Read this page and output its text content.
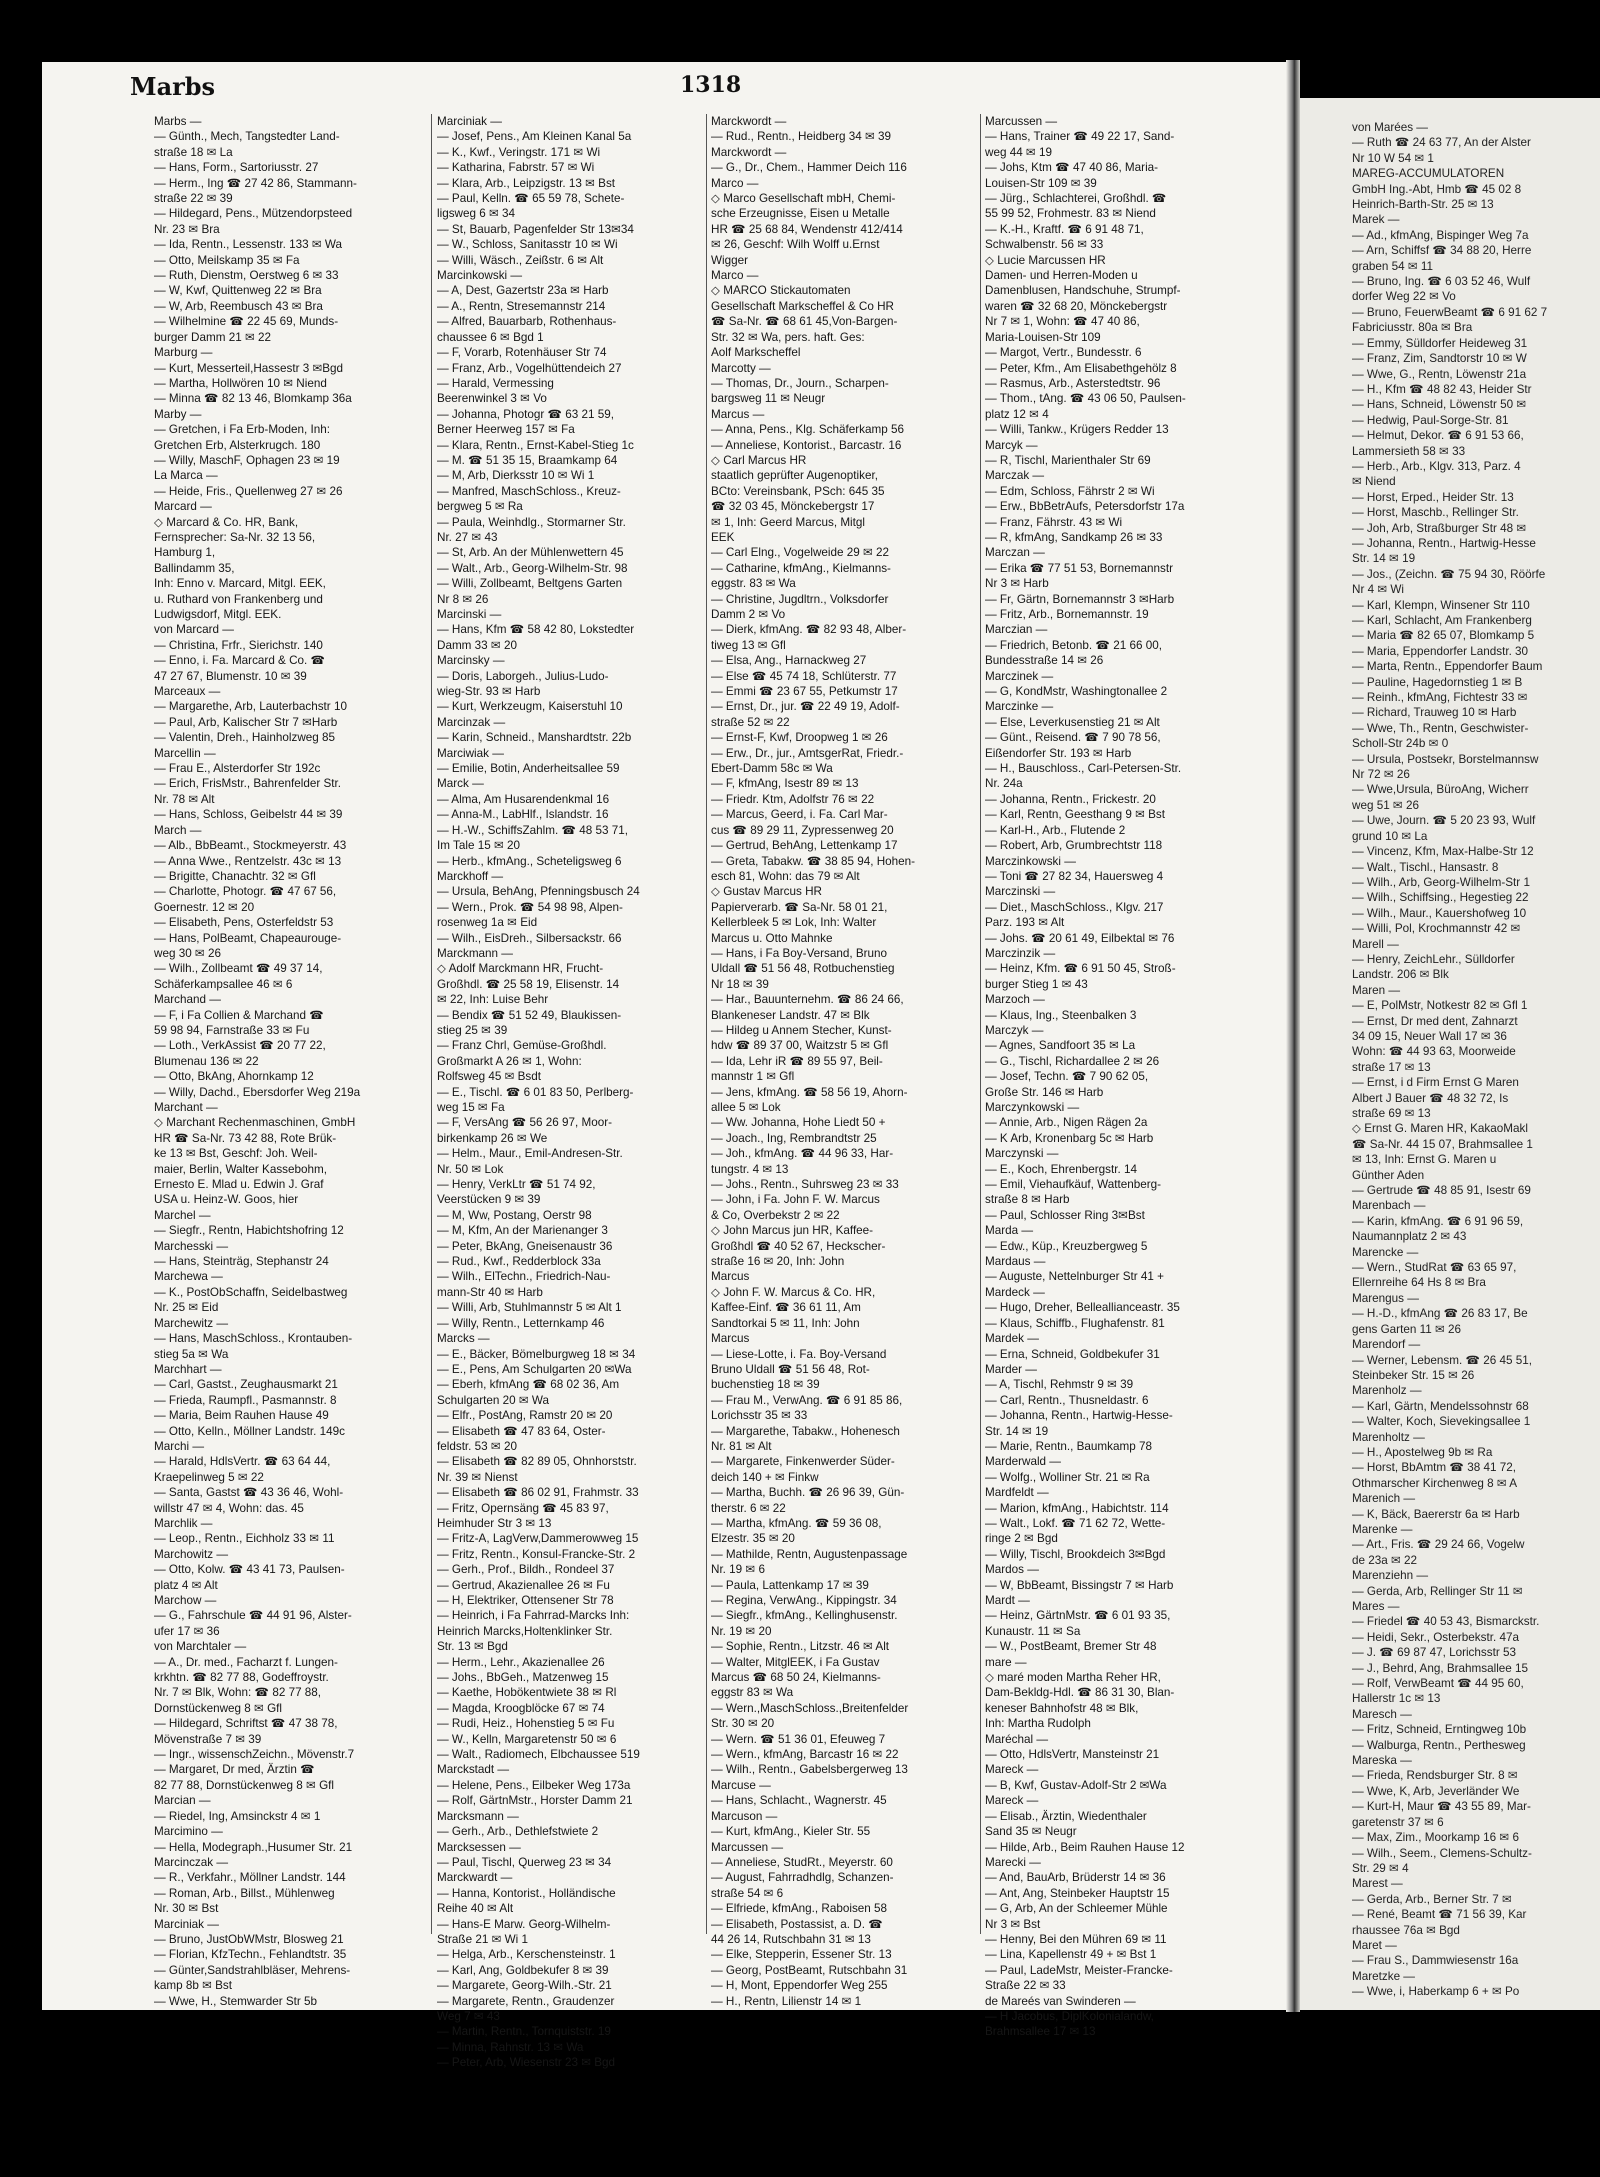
von Marées —
— Ruth ☎ 24 63 77, An der Alster
Nr 10 W 54 ✉ 1
MAREG-ACCUMULATOREN
GmbH Ing.-Abt, Hmb ☎ 45 02 8
Heinrich-Barth-Str. 25 ✉ 13
Marek —
— Ad., kfmAng, Bispinger Weg 7a
— Arn, Schiffsf ☎ 34 88 20, Herre
graben 54 ✉ 11
— Bruno, Ing. ☎ 6 03 52 46, Wulf
dorfer Weg 22 ✉ Vo
— Bruno, FeuerwBeamt ☎ 6 91 62 7
Fabriciusstr. 80a ✉ Bra
— Emmy, Sülldorfer Heideweg 31
— Franz, Zim, Sandtorstr 10 ✉ W
— Wwe, G., Rentn, Löwenstr 21a
— H., Kfm ☎ 48 82 43, Heider Str
— Hans, Schneid, Löwenstr 50 ✉
— Hedwig, Paul-Sorge-Str. 81
— Helmut, Dekor. ☎ 6 91 53 66,
Lammersieth 58 ✉ 33
— Herb., Arb., Klgv. 313, Parz. 4
✉ Niend
— Horst, Erped., Heider Str. 13
— Horst, Maschb., Rellinger Str.
— Joh, Arb, Straßburger Str 48 ✉
— Johanna, Rentn., Hartwig-Hesse
Str. 14 ✉ 19
— Jos., (Zeichn. ☎ 75 94 30, Röörfe
Nr 4 ✉ Wi
— Karl, Klempn, Winsener Str 110
— Karl, Schlacht, Am Frankenberg
— Maria ☎ 82 65 07, Blomkamp 5
— Maria, Eppendorfer Landstr. 30
— Marta, Rentn., Eppendorfer Baum
— Pauline, Hagedornstieg 1 ✉ B
— Reinh., kfmAng, Fichtestr 33 ✉
— Richard, Trauweg 10 ✉ Harb
— Wwe, Th., Rentn, Geschwister-
Scholl-Str 24b ✉ 0
— Ursula, Postsekr, Borstelmannsw
Nr 72 ✉ 26
— Wwe,Ursula, BüroAng, Wicherr
weg 51 ✉ 26
— Uwe, Journ. ☎ 5 20 23 93, Wulf
grund 10 ✉ La
— Vincenz, Kfm, Max-Halbe-Str 12
— Walt., Tischl., Hansastr. 8
— Wilh., Arb, Georg-Wilhelm-Str 1
— Wilh., Schiffsing., Hegestieg 22
— Wilh., Maur., Kauershofweg 10
— Willi, Pol, Krochmannstr 42 ✉
Marell —
— Henry, ZeichLehr., Sülldorfer
Landstr. 206 ✉ Blk
Maren —
— E, PolMstr, Notkestr 82 ✉ Gfl 1
— Ernst, Dr med dent, Zahnarzt
34 09 15, Neuer Wall 17 ✉ 36
Wohn: ☎ 44 93 63, Moorweide
straße 17 ✉ 13
— Ernst, i d Firm Ernst G Maren
Albert J Bauer ☎ 48 32 72, Is
straße 69 ✉ 13
◇ Ernst G. Maren HR, KakaoMakl
☎ Sa-Nr. 44 15 07, Brahmsallee 1
✉ 13, Inh: Ernst G. Maren u
Günther Aden
— Gertrude ☎ 48 85 91, Isestr 69
Marenbach —
— Karin, kfmAng. ☎ 6 91 96 59,
Naumannplatz 2 ✉ 43
Marencke —
— Wern., StudRat ☎ 63 65 97,
Ellernreihe 64 Hs 8 ✉ Bra
Marengus —
— H.-D., kfmAng ☎ 26 83 17, Be
gens Garten 11 ✉ 26
Marendorf —
— Werner, Lebensm. ☎ 26 45 51,
Steinbeker Str. 15 ✉ 26
Marenholz —
— Karl, Gärtn, Mendelssohnstr 68
— Walter, Koch, Sievekingsallee 1
Marenholtz —
— H., Apostelweg 9b ✉ Ra
— Horst, BbAmtm ☎ 38 41 72,
Othmarscher Kirchenweg 8 ✉ A
Marenich —
— K, Bäck, Baererstr 6a ✉ Harb
Marenke —
— Art., Fris. ☎ 29 24 66, Vogelw
de 23a ✉ 22
Marenziehn —
— Gerda, Arb, Rellinger Str 11 ✉
Mares —
— Friedel ☎ 40 53 43, Bismarckstr.
— Heidi, Sekr., Osterbekstr. 47a
— J. ☎ 69 87 47, Lorichsstr 53
— J., Behrd, Ang, Brahmsallee 15
— Rolf, VerwBeamt ☎ 44 95 60,
Hallerstr 1c ✉ 13
Maresch —
— Fritz, Schneid, Erntingweg 10b
— Walburga, Rentn., Perthesweg
Mareska —
— Frieda, Rendsburger Str. 8 ✉
— Wwe, K, Arb, Jeverländer We
— Kurt-H, Maur ☎ 43 55 89, Mar-
garetenstr 37 ✉ 6
— Max, Zim., Moorkamp 16 ✉ 6
— Wilh., Seem., Clemens-Schultz-
Str. 29 ✉ 4
Marest —
— Gerda, Arb., Berner Str. 7 ✉
— René, Beamt ☎ 71 56 39, Kar
rhaussee 76a ✉ Bgd
Maret —
— Frau S., Dammwiesenstr 16a
Maretzke —
— Wwe, i, Haberkamp 6 + ✉ Po
Marbs	1318
Marbs —
— Günth., Mech, Tangstedter Land-
straße 18 ✉ La
— Hans, Form., Sartoriusstr. 27
— Herm., Ing ☎ 27 42 86, Stammann-
straße 22 ✉ 39
— Hildegard, Pens., Mützendorpsteed
Nr. 23 ✉ Bra
— Ida, Rentn., Lessenstr. 133 ✉ Wa
— Otto, Meilskamp 35 ✉ Fa
— Ruth, Dienstm, Oerstweg 6 ✉ 33
— W, Kwf, Quittenweg 22 ✉ Bra
— W, Arb, Reembusch 43 ✉ Bra
— Wilhelmine ☎ 22 45 69, Munds-
burger Damm 21 ✉ 22
Marburg —
— Kurt, Messerteil,Hassestr 3 ✉Bgd
— Martha, Hollwören 10 ✉ Niend
— Minna ☎ 82 13 46, Blomkamp 36a
Marby —
— Gretchen, i Fa Erb-Moden, Inh:
Gretchen Erb, Alsterkrugch. 180
— Willy, MaschF, Ophagen 23 ✉ 19
La Marca —
— Heide, Fris., Quellenweg 27 ✉ 26
Marcard —
◇ Marcard & Co. HR, Bank,
Fernsprecher: Sa-Nr. 32 13 56,
Hamburg 1,
Ballindamm 35,
Inh: Enno v. Marcard, Mitgl. EEK,
u. Ruthard von Frankenberg und
Ludwigsdorf, Mitgl. EEK.
von Marcard —
— Christina, Frfr., Sierichstr. 140
— Enno, i. Fa. Marcard & Co. ☎
47 27 67, Blumenstr. 10 ✉ 39
Marceaux —
— Margarethe, Arb, Lauterbachstr 10
— Paul, Arb, Kalischer Str 7 ✉Harb
— Valentin, Dreh., Hainholzweg 85
Marcellin —
— Frau E., Alsterdorfer Str 192c
— Erich, FrisMstr., Bahrenfelder Str.
Nr. 78 ✉ Alt
— Hans, Schloss, Geibelstr 44 ✉ 39
March —
— Alb., BbBeamt., Stockmeyerstr. 43
— Anna Wwe., Rentzelstr. 43c ✉ 13
— Brigitte, Chanachtr. 32 ✉ Gfl
— Charlotte, Photogr. ☎ 47 67 56,
Goernestr. 12 ✉ 20
— Elisabeth, Pens, Osterfeldstr 53
— Hans, PolBeamt, Chapeaurouge-
weg 30 ✉ 26
— Wilh., Zollbeamt ☎ 49 37 14,
Schäferkampsallee 46 ✉ 6
Marchand —
— F, i Fa Collien & Marchand ☎
59 98 94, Farnstraße 33 ✉ Fu
— Loth., VerkAssist ☎ 20 77 22,
Blumenau 136 ✉ 22
— Otto, BkAng, Ahornkamp 12
— Willy, Dachd., Ebersdorfer Weg 219a
Marchant —
◇ Marchant Rechenmaschinen, GmbH
HR ☎ Sa-Nr. 73 42 88, Rote Brük-
ke 13 ✉ Bst, Geschf: Joh. Weil-
maier, Berlin, Walter Kassebohm,
Ernesto E. Mlad u. Edwin J. Graf
USA u. Heinz-W. Goos, hier
Marchel —
— Siegfr., Rentn, Habichtshofring 12
Marchesski —
— Hans, Steinträg, Stephanstr 24
Marchewa —
— K., PostObSchaffn, Seidelbastweg
Nr. 25 ✉ Eid
Marchewitz —
— Hans, MaschSchloss., Krontauben-
stieg 5a ✉ Wa
Marchhart —
— Carl, Gastst., Zeughausmarkt 21
— Frieda, Raumpfl., Pasmannstr. 8
— Maria, Beim Rauhen Hause 49
— Otto, Kelln., Möllner Landstr. 149c
Marchi —
— Harald, HdlsVertr. ☎ 63 64 44,
Kraepelinweg 5 ✉ 22
— Santa, Gastst ☎ 43 36 46, Wohl-
willstr 47 ✉ 4, Wohn: das. 45
Marchlik —
— Leop., Rentn., Eichholz 33 ✉ 11
Marchowitz —
— Otto, Kolw. ☎ 43 41 73, Paulsen-
platz 4 ✉ Alt
Marchow —
— G., Fahrschule ☎ 44 91 96, Alster-
ufer 17 ✉ 36
von Marchtaler —
— A., Dr. med., Facharzt f. Lungen-
krkhtn. ☎ 82 77 88, Godeffroystr.
Nr. 7 ✉ Blk, Wohn: ☎ 82 77 88,
Dornstückenweg 8 ✉ Gfl
— Hildegard, Schriftst ☎ 47 38 78,
Mövenstraße 7 ✉ 39
— Ingr., wissenschZeichn., Mövenstr.7
— Margaret, Dr med, Ärztin ☎
82 77 88, Dornstückenweg 8 ✉ Gfl
Marcian —
— Riedel, Ing, Amsinckstr 4 ✉ 1
Marcimino —
— Hella, Modegraph.,Husumer Str. 21
Marcinczak —
— R., Verkfahr., Möllner Landstr. 144
— Roman, Arb., Billst., Mühlenweg
Nr. 30 ✉ Bst
Marciniak —
— Bruno, JustObWMstr, Blosweg 21
— Florian, KfzTechn., Fehlandtstr. 35
— Günter,Sandstrahlbläser, Mehrens-
kamp 8b ✉ Bst
— Wwe, H., Stemwarder Str 5b
Marciniak —
— Josef, Pens., Am Kleinen Kanal 5a
— K., Kwf., Veringstr. 171 ✉ Wi
— Katharina, Fabrstr. 57 ✉ Wi
— Klara, Arb., Leipzigstr. 13 ✉ Bst
— Paul, Kelln. ☎ 65 59 78, Schete-
ligsweg 6 ✉ 34
— St, Bauarb, Pagenfelder Str 13✉34
— W., Schloss, Sanitasstr 10 ✉ Wi
— Willi, Wäsch., Zeißstr. 6 ✉ Alt
Marcinkowski —
— A, Dest, Gazertstr 23a ✉ Harb
— A., Rentn, Stresemannstr 214
— Alfred, Bauarbarb, Rothenhaus-
chaussee 6 ✉ Bgd 1
— F, Vorarb, Rotenhäuser Str 74
— Franz, Arb., Vogelhüttendeich 27
— Harald, Vermessing
Beerenwinkel 3 ✉ Vo
— Johanna, Photogr ☎ 63 21 59,
Berner Heerweg 157 ✉ Fa
— Klara, Rentn., Ernst-Kabel-Stieg 1c
— M. ☎ 51 35 15, Braamkamp 64
— M, Arb, Dierksstr 10 ✉ Wi 1
— Manfred, MaschSchloss., Kreuz-
bergweg 5 ✉ Ra
— Paula, Weinhdlg., Stormarner Str.
Nr. 27 ✉ 43
— St, Arb. An der Mühlenwettern 45
— Walt., Arb., Georg-Wilhelm-Str. 98
— Willi, Zollbeamt, Beltgens Garten
Nr 8 ✉ 26
Marcinski —
— Hans, Kfm ☎ 58 42 80, Lokstedter
Damm 33 ✉ 20
Marcinsky —
— Doris, Laborgeh., Julius-Ludo-
wieg-Str. 93 ✉ Harb
— Kurt, Werkzeugm, Kaiserstuhl 10
Marcinzak —
— Karin, Schneid., Manshardtstr. 22b
Marciwiak —
— Emilie, Botin, Anderheitsallee 59
Marck —
— Alma, Am Husarendenkmal 16
— Anna-M., LabHlf., Islandstr. 16
— H.-W., SchiffsZahlm. ☎ 48 53 71,
Im Tale 15 ✉ 20
— Herb., kfmAng., Scheteligsweg 6
Marckhoff —
— Ursula, BehAng, Pfenningsbusch 24
— Wern., Prok. ☎ 54 98 98, Alpen-
rosenweg 1a ✉ Eid
— Wilh., EisDreh., Silbersackstr. 66
Marckmann —
◇ Adolf Marckmann HR, Frucht-
Großhdl. ☎ 25 58 19, Elisenstr. 14
✉ 22, Inh: Luise Behr
— Bendix ☎ 51 52 49, Blaukissen-
stieg 25 ✉ 39
— Franz Chrl, Gemüse-Großhdl.
Großmarkt A 26 ✉ 1, Wohn:
Rolfsweg 45 ✉ Bsdt
— E., Tischl. ☎ 6 01 83 50, Perlberg-
weg 15 ✉ Fa
— F, VersAng ☎ 56 26 97, Moor-
birkenkamp 26 ✉ We
— Helm., Maur., Emil-Andresen-Str.
Nr. 50 ✉ Lok
— Henry, VerkLtr ☎ 51 74 92,
Veerstücken 9 ✉ 39
— M, Ww, Postang, Oerstr 98
— M, Kfm, An der Marienanger 3
— Peter, BkAng, Gneisenaustr 36
— Rud., Kwf., Redderblock 33a
— Wilh., ElTechn., Friedrich-Nau-
mann-Str 40 ✉ Harb
— Willi, Arb, Stuhlmannstr 5 ✉ Alt 1
— Willy, Rentn., Letternkamp 46
Marcks —
— E., Bäcker, Bömelburgweg 18 ✉ 34
— E., Pens, Am Schulgarten 20 ✉Wa
— Eberh, kfmAng ☎ 68 02 36, Am
Schulgarten 20 ✉ Wa
— Elfr., PostAng, Ramstr 20 ✉ 20
— Elisabeth ☎ 47 83 64, Oster-
feldstr. 53 ✉ 20
— Elisabeth ☎ 82 89 05, Ohnhorststr.
Nr. 39 ✉ Nienst
— Elisabeth ☎ 86 02 91, Frahmstr. 33
— Fritz, Opernsäng ☎ 45 83 97,
Heimhuder Str 3 ✉ 13
— Fritz-A, LagVerw,Dammerowweg 15
— Fritz, Rentn., Konsul-Francke-Str. 2
— Gerh., Prof., Bildh., Rondeel 37
— Gertrud, Akazienallee 26 ✉ Fu
— H, Elektriker, Ottensener Str 78
— Heinrich, i Fa Fahrrad-Marcks Inh:
Heinrich Marcks,Holtenklinker Str.
Str. 13 ✉ Bgd
— Herm., Lehr., Akazienallee 26
— Johs., BbGeh., Matzenweg 15
— Kaethe, Hobökentwiete 38 ✉ Rl
— Magda, Kroogblöcke 67 ✉ 74
— Rudi, Heiz., Hohenstieg 5 ✉ Fu
— W., Kelln, Margaretenstr 50 ✉ 6
— Walt., Radiomech, Elbchaussee 519
Marckstadt —
— Helene, Pens., Eilbeker Weg 173a
— Rolf, GärtnMstr., Horster Damm 21
Marcksmann —
— Gerh., Arb., Dethlefstwiete 2
Marcksessen —
— Paul, Tischl, Querweg 23 ✉ 34
Marckwardt —
— Hanna, Kontorist., Holländische
Reihe 40 ✉ Alt
— Hans-E Marw. Georg-Wilhelm-
Straße 21 ✉ Wi 1
— Helga, Arb., Kerschensteinstr. 1
— Karl, Ang, Goldbekufer 8 ✉ 39
— Margarete, Georg-Wilh.-Str. 21
— Margarete, Rentn., Graudenzer
Weg 7 ✉ 43
— Martin, Rentn., Tornquiststr. 19
— Minna, Rahnstr. 13 ✉ Wa
— Peter, Arb, Wiesenstr 23 ✉ Bgd
Marckwordt —
— Rud., Rentn., Heidberg 34 ✉ 39
Marckwordt —
— G., Dr., Chem., Hammer Deich 116
Marco —
◇ Marco Gesellschaft mbH, Chemi-
sche Erzeugnisse, Eisen u Metalle
HR ☎ 25 68 84, Wendenstr 412/414
✉ 26, Geschf: Wilh Wolff u.Ernst
Wigger
Marco —
◇ MARCO Stickautomaten
Gesellschaft Markscheffel & Co HR
☎ Sa-Nr. ☎ 68 61 45,Von-Bargen-
Str. 32 ✉ Wa, pers. haft. Ges:
Aolf Markscheffel
Marcotty —
— Thomas, Dr., Journ., Scharpen-
bargsweg 11 ✉ Neugr
Marcus —
— Anna, Pens., Klg. Schäferkamp 56
— Anneliese, Kontorist., Barcastr. 16
◇ Carl Marcus HR
staatlich geprüfter Augenoptiker,
BCto: Vereinsbank, PSch: 645 35
☎ 32 03 45, Mönckebergstr 17
✉ 1, Inh: Geerd Marcus, Mitgl
EEK
— Carl Elng., Vogelweide 29 ✉ 22
— Catharine, kfmAng., Kielmanns-
eggstr. 83 ✉ Wa
— Christine, Jugdltrn., Volksdorfer
Damm 2 ✉ Vo
— Dierk, kfmAng. ☎ 82 93 48, Alber-
tiweg 13 ✉ Gfl
— Elsa, Ang., Harnackweg 27
— Else ☎ 45 74 18, Schlüterstr. 77
— Emmi ☎ 23 67 55, Petkumstr 17
— Ernst, Dr., jur. ☎ 22 49 19, Adolf-
straße 52 ✉ 22
— Ernst-F, Kwf, Droopweg 1 ✉ 26
— Erw., Dr., jur., AmtsgerRat, Friedr.-
Ebert-Damm 58c ✉ Wa
— F, kfmAng, Isestr 89 ✉ 13
— Friedr. Ktm, Adolfstr 76 ✉ 22
— Marcus, Geerd, i. Fa. Carl Mar-
cus ☎ 89 29 11, Zypressenweg 20
— Gertrud, BehAng, Lettenkamp 17
— Greta, Tabakw. ☎ 38 85 94, Hohen-
esch 81, Wohn: das 79 ✉ Alt
◇ Gustav Marcus HR
Papierverarb. ☎ Sa-Nr. 58 01 21,
Kellerbleek 5 ✉ Lok, Inh: Walter
Marcus u. Otto Mahnke
— Hans, i Fa Boy-Versand, Bruno
Uldall ☎ 51 56 48, Rotbuchenstieg
Nr 18 ✉ 39
— Har., Bauunternehm. ☎ 86 24 66,
Blankeneser Landstr. 47 ✉ Blk
— Hildeg u Annem Stecher, Kunst-
hdw ☎ 89 37 00, Waitzstr 5 ✉ Gfl
— Ida, Lehr iR ☎ 89 55 97, Beil-
mannstr 1 ✉ Gfl
— Jens, kfmAng. ☎ 58 56 19, Ahorn-
allee 5 ✉ Lok
— Ww. Johanna, Hohe Liedt 50 +
— Joach., Ing, Rembrandtstr 25
— Joh., kfmAng. ☎ 44 96 33, Har-
tungstr. 4 ✉ 13
— Johs., Rentn., Suhrsweg 23 ✉ 33
— John, i Fa. John F. W. Marcus
& Co, Overbekstr 2 ✉ 22
◇ John Marcus jun HR, Kaffee-
Großhdl ☎ 40 52 67, Heckscher-
straße 16 ✉ 20, Inh: John
Marcus
◇ John F. W. Marcus & Co. HR,
Kaffee-Einf. ☎ 36 61 11, Am
Sandtorkai 5 ✉ 11, Inh: John
Marcus
— Liese-Lotte, i. Fa. Boy-Versand
Bruno Uldall ☎ 51 56 48, Rot-
buchenstieg 18 ✉ 39
— Frau M., VerwAng. ☎ 6 91 85 86,
Lorichsstr 35 ✉ 33
— Margarethe, Tabakw., Hohenesch
Nr. 81 ✉ Alt
— Margarete, Finkenwerder Süder-
deich 140 + ✉ Finkw
— Martha, Buchh. ☎ 26 96 39, Gün-
therstr. 6 ✉ 22
— Martha, kfmAng. ☎ 59 36 08,
Elzestr. 35 ✉ 20
— Mathilde, Rentn, Augustenpassage
Nr. 19 ✉ 6
— Paula, Lattenkamp 17 ✉ 39
— Regina, VerwAng., Kippingstr. 34
— Siegfr., kfmAng., Kellinghusenstr.
Nr. 19 ✉ 20
— Sophie, Rentn., Litzstr. 46 ✉ Alt
— Walter, MitglEEK, i Fa Gustav
Marcus ☎ 68 50 24, Kielmanns-
eggstr 83 ✉ Wa
— Wern.,MaschSchloss.,Breitenfelder
Str. 30 ✉ 20
— Wern. ☎ 51 36 01, Efeuweg 7
— Wern., kfmAng, Barcastr 16 ✉ 22
— Wilh., Rentn., Gabelsbergerweg 13
Marcuse —
— Hans, Schlacht., Wagnerstr. 45
Marcuson —
— Kurt, kfmAng., Kieler Str. 55
Marcussen —
— Anneliese, StudRt., Meyerstr. 60
— August, Fahrradhdlg, Schanzen-
straße 54 ✉ 6
— Elfriede, kfmAng., Raboisen 58
— Elisabeth, Postassist, a. D. ☎
44 26 14, Rutschbahn 31 ✉ 13
— Elke, Stepperin, Essener Str. 13
— Georg, PostBeamt, Rutschbahn 31
— H, Mont, Eppendorfer Weg 255
— H., Rentn, Lilienstr 14 ✉ 1
Marcussen —
— Hans, Trainer ☎ 49 22 17, Sand-
weg 44 ✉ 19
— Johs, Ktm ☎ 47 40 86, Maria-
Louisen-Str 109 ✉ 39
— Jürg., Schlachterei, Großhdl. ☎
55 99 52, Frohmestr. 83 ✉ Niend
— K.-H., Kraftf. ☎ 6 91 48 71,
Schwalbenstr. 56 ✉ 33
◇ Lucie Marcussen HR
Damen- und Herren-Moden u
Damenblusen, Handschuhe, Strumpf-
waren ☎ 32 68 20, Mönckebergstr
Nr 7 ✉ 1, Wohn: ☎ 47 40 86,
Maria-Louisen-Str 109
— Margot, Vertr., Bundesstr. 6
— Peter, Kfm., Am Elisabethgehölz 8
— Rasmus, Arb., Asterstedtstr. 96
— Thom., tAng. ☎ 43 06 50, Paulsen-
platz 12 ✉ 4
— Willi, Tankw., Krügers Redder 13
Marcyk —
— R, Tischl, Marienthaler Str 69
Marczak —
— Edm, Schloss, Fährstr 2 ✉ Wi
— Erw., BbBetrAufs, Petersdorfstr 17a
— Franz, Fährstr. 43 ✉ Wi
— R, kfmAng, Sandkamp 26 ✉ 33
Marczan —
— Erika ☎ 77 51 53, Bornemannstr
Nr 3 ✉ Harb
— Fr, Gärtn, Bornemannstr 3 ✉Harb
— Fritz, Arb., Bornemannstr. 19
Marczian —
— Friedrich, Betonb. ☎ 21 66 00,
Bundesstraße 14 ✉ 26
Marczinek —
— G, KondMstr, Washingtonallee 2
Marczinke —
— Else, Leverkusenstieg 21 ✉ Alt
— Günt., Reisend. ☎ 7 90 78 56,
Eißendorfer Str. 193 ✉ Harb
— H., Bauschloss., Carl-Petersen-Str.
Nr. 24a
— Johanna, Rentn., Frickestr. 20
— Karl, Rentn, Geesthang 9 ✉ Bst
— Karl-H., Arb., Flutende 2
— Robert, Arb, Grumbrechtstr 118
Marczinkowski —
— Toni ☎ 27 82 34, Hauersweg 4
Marczinski —
— Diet., MaschSchloss., Klgv. 217
Parz. 193 ✉ Alt
— Johs. ☎ 20 61 49, Eilbektal ✉ 76
Marczinzik —
— Heinz, Kfm. ☎ 6 91 50 45, Stroß-
burger Stieg 1 ✉ 43
Marzoch —
— Klaus, Ing., Steenbalken 3
Marczyk —
— Agnes, Sandfoort 35 ✉ La
— G., Tischl, Richardallee 2 ✉ 26
— Josef, Techn. ☎ 7 90 62 05,
Große Str. 146 ✉ Harb
Marczynkowski —
— Annie, Arb., Nigen Rägen 2a
— K Arb, Kronenbarg 5c ✉ Harb
Marczynski —
— E., Koch, Ehrenbergstr. 14
— Emil, Viehaufkäuf, Wattenberg-
straße 8 ✉ Harb
— Paul, Schlosser Ring 3✉Bst
Marda —
— Edw., Küp., Kreuzbergweg 5
Mardaus —
— Auguste, Nettelnburger Str 41 +
Mardeck —
— Hugo, Dreher, Belleallianceastr. 35
— Klaus, Schiffb., Flughafenstr. 81
Mardek —
— Erna, Schneid, Goldbekufer 31
Marder —
— A, Tischl, Rehmstr 9 ✉ 39
— Carl, Rentn., Thusneldastr. 6
— Johanna, Rentn., Hartwig-Hesse-
Str. 14 ✉ 19
— Marie, Rentn., Baumkamp 78
Marderwald —
— Wolfg., Wolliner Str. 21 ✉ Ra
Mardfeldt —
— Marion, kfmAng., Habichtstr. 114
— Walt., Lokf. ☎ 71 62 72, Wette-
ringe 2 ✉ Bgd
— Willy, Tischl, Brookdeich 3✉Bgd
Mardos —
— W, BbBeamt, Bissingstr 7 ✉ Harb
Mardt —
— Heinz, GärtnMstr. ☎ 6 01 93 35,
Kunaustr. 11 ✉ Sa
— W., PostBeamt, Bremer Str 48
mare —
◇ maré moden Martha Reher HR,
Dam-Bekldg-Hdl. ☎ 86 31 30, Blan-
keneser Bahnhofstr 48 ✉ Blk,
Inh: Martha Rudolph
Maréchal —
— Otto, HdlsVertr, Mansteinstr 21
Mareck —
— B, Kwf, Gustav-Adolf-Str 2 ✉Wa
Mareck —
— Elisab., Ärztin, Wiedenthaler
Sand 35 ✉ Neugr
— Hilde, Arb., Beim Rauhen Hause 12
Marecki —
— And, BauArb, Brüderstr 14 ✉ 36
— Ant, Ang, Steinbeker Hauptstr 15
— G, Arb, An der Schleemer Mühle
Nr 3 ✉ Bst
— Henny, Bei den Mühren 69 ✉ 11
— Lina, Kapellenstr 49 + ✉ Bst 1
— Paul, LadeMstr, Meister-Francke-
Straße 22 ✉ 33
de Mareés van Swinderen —
— H Jacobus, DiplKolonialandw,
Brahmsallee 17 ✉ 13
